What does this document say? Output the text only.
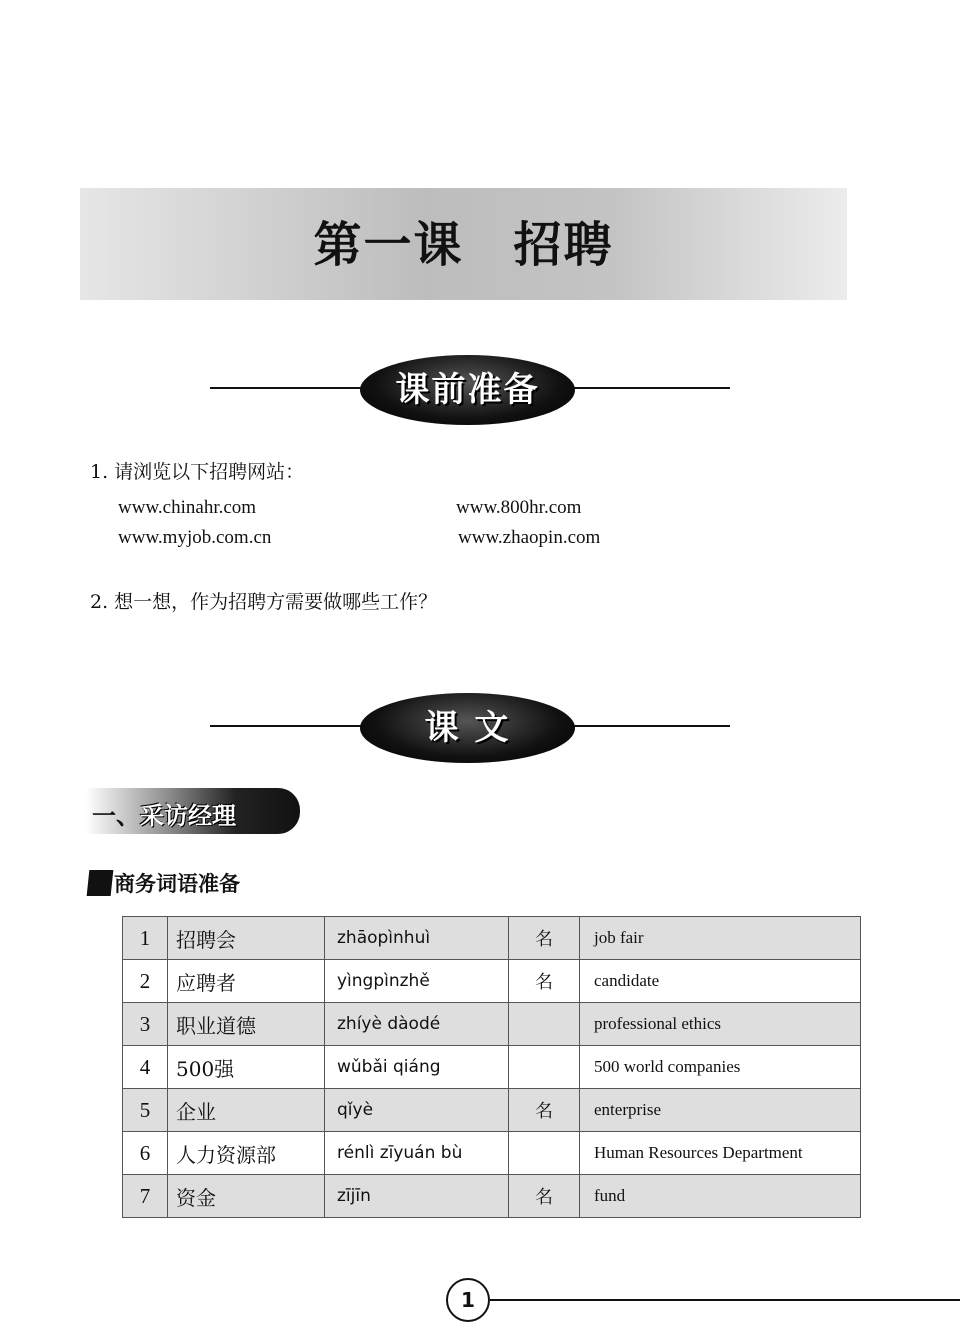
第一课　招聘
课前准备
1. 请浏览以下招聘网站：
www.chinahr.com	www.800hr.com
www.myjob.com.cn	www.zhaopin.com
2. 想一想，作为招聘方需要做哪些工作？
课 文
一、采访经理
商务词语准备
1	招聘会	zhāopìnhuì	名	job fair
2	应聘者	yìngpìnzhě	名	candidate
3	职业道德	zhíyè dàodé		professional ethics
4	500强	wǔbǎi qiáng		500 world companies
5	企业	qǐyè	名	enterprise
6	人力资源部	rénlì zīyuán bù		Human Resources Department
7	资金	zījīn	名	fund
1
